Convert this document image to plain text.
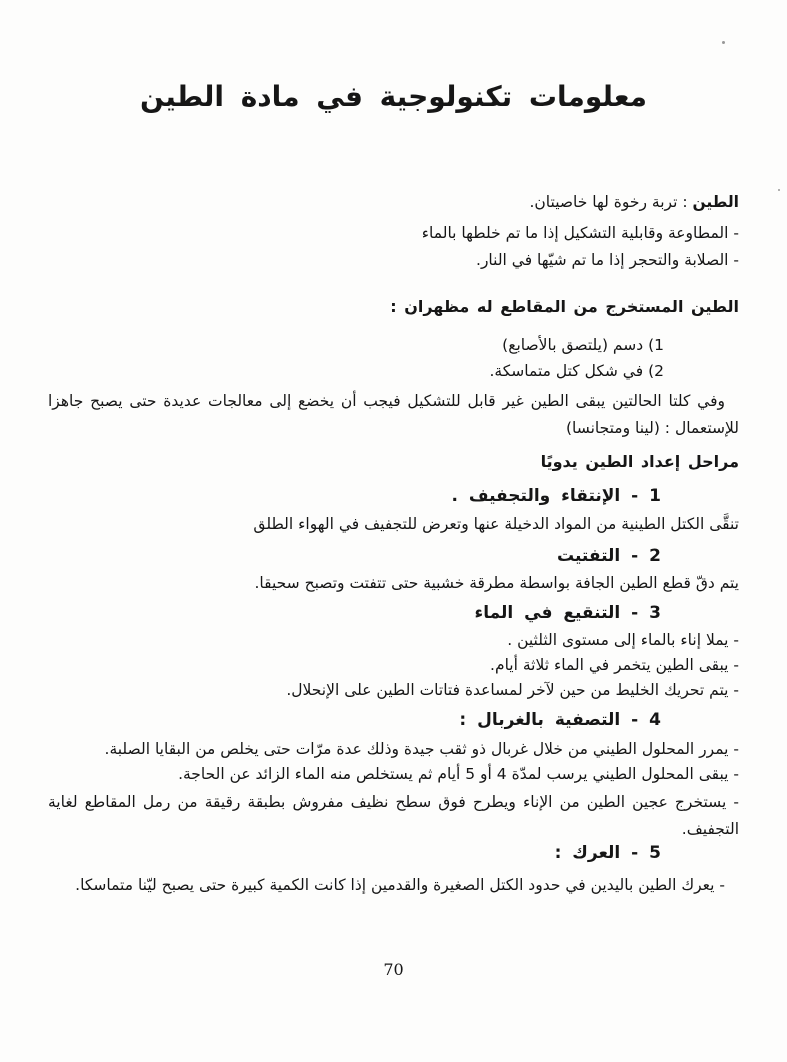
معلومات تكنولوجية في مادة الطين
الطين : تربة رخوة لها خاصيتان.
- المطاوعة وقابلية التشكيل إذا ما تم خلطها بالماء
- الصلابة والتحجر إذا ما تم شيّها في النار.
الطين المستخرج من المقاطع له مظهران :
1) دسم (يلتصق بالأصابع)
2) في شكل كتل متماسكة.
وفي كلتا الحالتين يبقى الطين غير قابل للتشكيل فيجب أن يخضع إلى معالجات عديدة حتى يصبح جاهزا للإستعمال : (لينا ومتجانسا)
مراحل إعداد الطين يدويًا
1 - الإنتقاء والتجفيف .
تنقَّى الكتل الطينية من المواد الدخيلة عنها وتعرض للتجفيف في الهواء الطلق
2 - التفتيت
يتم دقّ قطع الطين الجافة بواسطة مطرقة خشبية حتى تتفتت وتصبح سحيقا.
3 - التنقيع في الماء
- يملا إناء بالماء إلى مستوى الثلثين .
- يبقى الطين يتخمر في الماء ثلاثة أيام.
- يتم تحريك الخليط من حين لآخر لمساعدة فتاتات الطين على الإنحلال.
4 - التصفية بالغربال :
- يمرر المحلول الطيني من خلال غربال ذو ثقب جيدة وذلك عدة مرّات حتى يخلص من البقايا الصلبة.
- يبقى المحلول الطيني يرسب لمدّة 4 أو 5 أيام ثم يستخلص منه الماء الزائد عن الحاجة.
- يستخرج عجين الطين من الإناء ويطرح فوق سطح نظيف مفروش بطبقة رقيقة من رمل المقاطع لغاية التجفيف.
5 - العرك :
- يعرك الطين باليدين في حدود الكتل الصغيرة والقدمين إذا كانت الكمية كبيرة حتى يصبح ليّنا متماسكا.
70
